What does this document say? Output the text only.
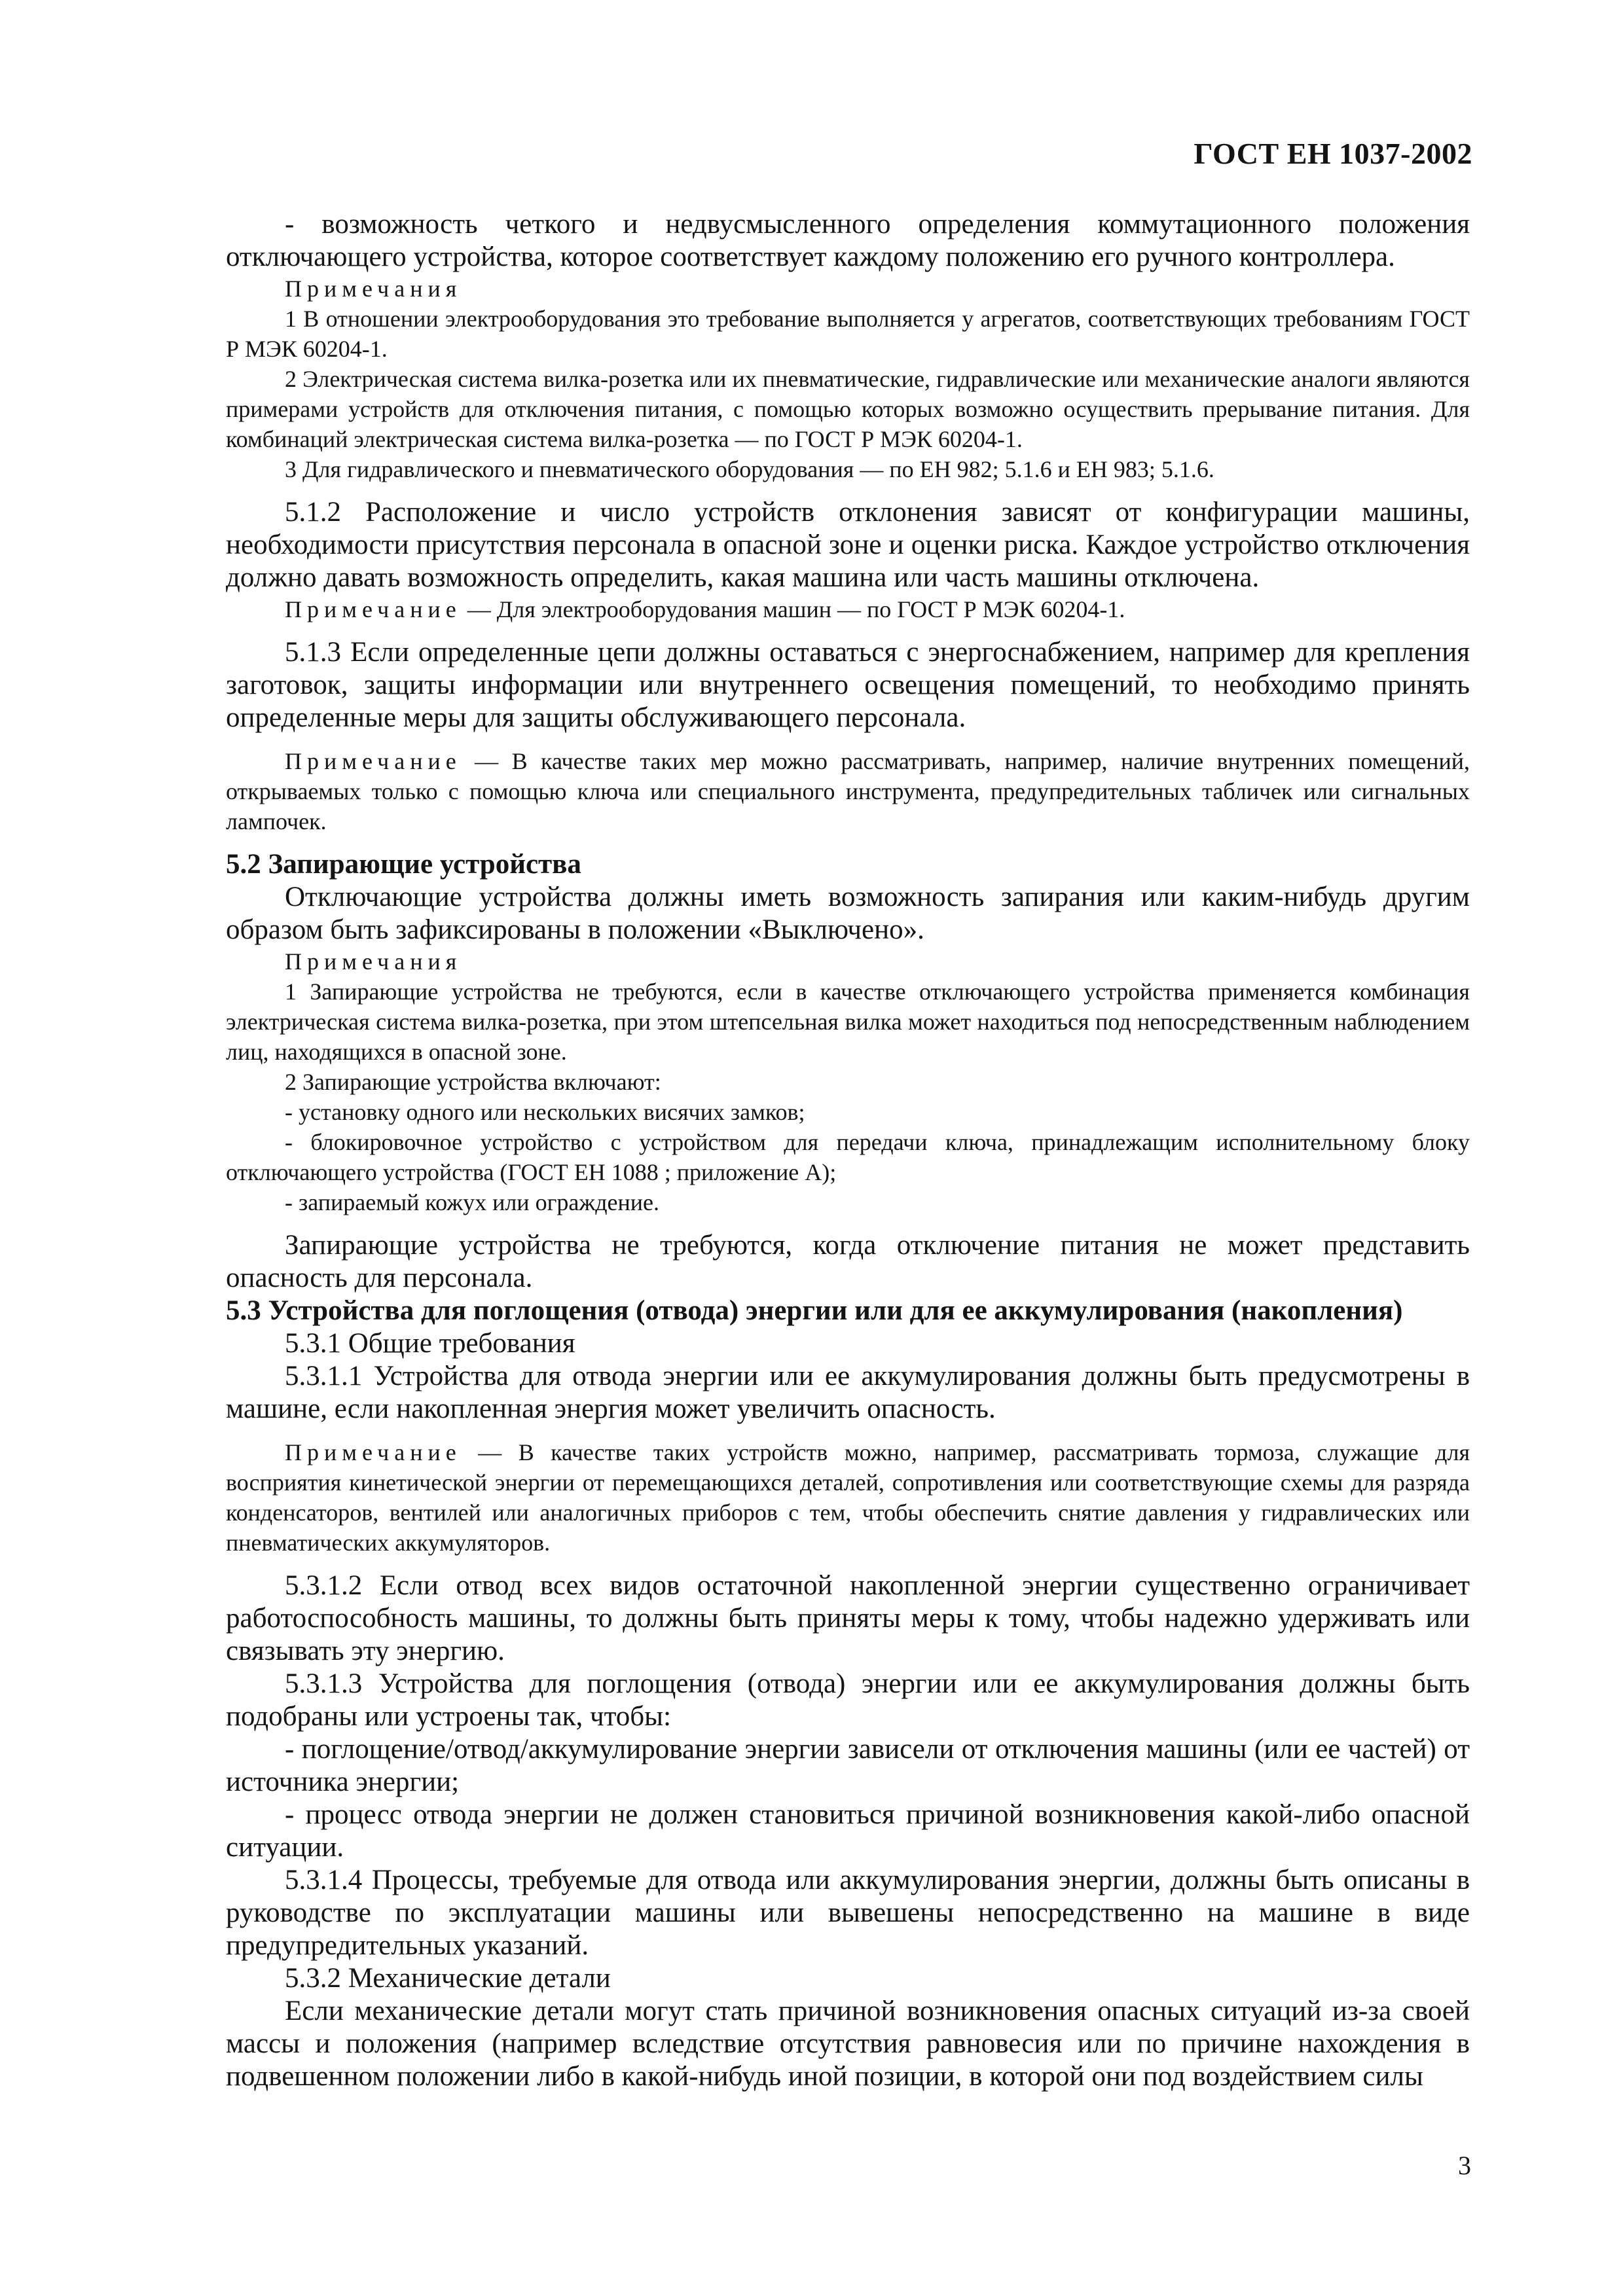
ГОСТ ЕН 1037-2002

- возможность четкого и недвусмысленного определения коммутационного положения отключающего устройства, которое соответствует каждому положению его ручного контроллера.

Примечания

1 В отношении электрооборудования это требование выполняется у агрегатов, соответствующих требованиям ГОСТ Р МЭК 60204-1.

2 Электрическая система вилка-розетка или их пневматические, гидравлические или механические аналоги являются примерами устройств для отключения питания, с помощью которых возможно осуществить прерывание питания. Для комбинаций электрическая система вилка-розетка — по ГОСТ Р МЭК 60204-1.

3 Для гидравлического и пневматического оборудования — по ЕН 982; 5.1.6 и ЕН 983; 5.1.6.

5.1.2 Расположение и число устройств отклонения зависят от конфигурации машины, необходимости присутствия персонала в опасной зоне и оценки риска. Каждое устройство отключения должно давать возможность определить, какая машина или часть машины отключена.

Примечание — Для электрооборудования машин — по ГОСТ Р МЭК 60204-1.

5.1.3 Если определенные цепи должны оставаться с энергоснабжением, например для крепления заготовок, защиты информации или внутреннего освещения помещений, то необходимо принять определенные меры для защиты обслуживающего персонала.

Примечание — В качестве таких мер можно рассматривать, например, наличие внутренних помещений, открываемых только с помощью ключа или специального инструмента, предупредительных табличек или сигнальных лампочек.

5.2 Запирающие устройства

Отключающие устройства должны иметь возможность запирания или каким-нибудь другим образом быть зафиксированы в положении «Выключено».

Примечания

1 Запирающие устройства не требуются, если в качестве отключающего устройства применяется комбинация электрическая система вилка-розетка, при этом штепсельная вилка может находиться под непосредственным наблюдением лиц, находящихся в опасной зоне.

2 Запирающие устройства включают:

- установку одного или нескольких висячих замков;

- блокировочное устройство с устройством для передачи ключа, принадлежащим исполнительному блоку отключающего устройства (ГОСТ ЕН 1088 ; приложение А);

- запираемый кожух или ограждение.

Запирающие устройства не требуются, когда отключение питания не может представить опасность для персонала.

5.3 Устройства для поглощения (отвода) энергии или для ее аккумулирования (накопления)

5.3.1 Общие требования

5.3.1.1 Устройства для отвода энергии или ее аккумулирования должны быть предусмотрены в машине, если накопленная энергия может увеличить опасность.

Примечание — В качестве таких устройств можно, например, рассматривать тормоза, служащие для восприятия кинетической энергии от перемещающихся деталей, сопротивления или соответствующие схемы для разряда конденсаторов, вентилей или аналогичных приборов с тем, чтобы обеспечить снятие давления у гидравлических или пневматических аккумуляторов.

5.3.1.2 Если отвод всех видов остаточной накопленной энергии существенно ограничивает работоспособность машины, то должны быть приняты меры к тому, чтобы надежно удерживать или связывать эту энергию.

5.3.1.3 Устройства для поглощения (отвода) энергии или ее аккумулирования должны быть подобраны или устроены так, чтобы:

- поглощение/отвод/аккумулирование энергии зависели от отключения машины (или ее частей) от источника энергии;

- процесс отвода энергии не должен становиться причиной возникновения какой-либо опасной ситуации.

5.3.1.4 Процессы, требуемые для отвода или аккумулирования энергии, должны быть описаны в руководстве по эксплуатации машины или вывешены непосредственно на машине в виде предупредительных указаний.

5.3.2 Механические детали

Если механические детали могут стать причиной возникновения опасных ситуаций из-за своей массы и положения (например вследствие отсутствия равновесия или по причине нахождения в подвешенном положении либо в какой-нибудь иной позиции, в которой они под воздействием силы

3
